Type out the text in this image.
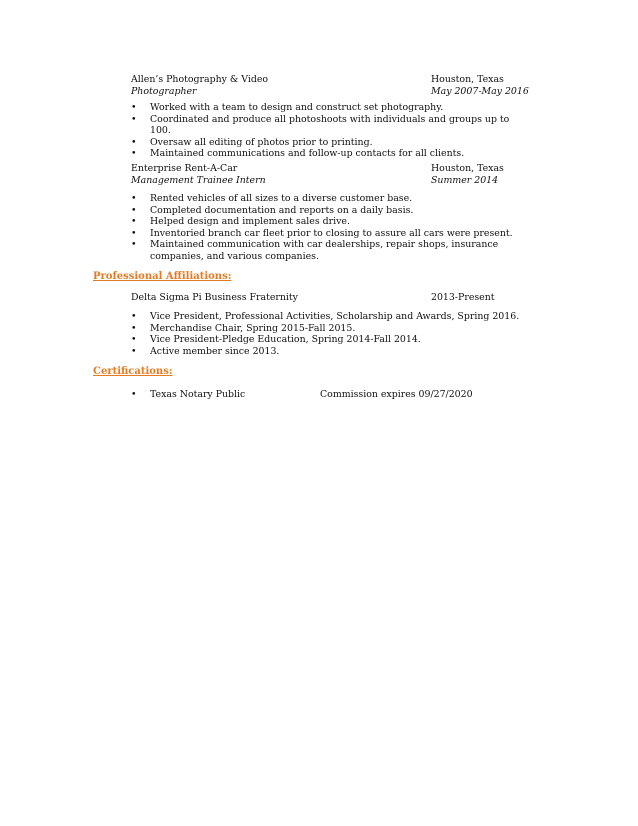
Allen’s Photography & Video	Houston, Texas
Photographer	May 2007-May 2016
• Worked with a team to design and construct set photography.
• Coordinated and produce all photoshoots with individuals and groups up to 100.
• Oversaw all editing of photos prior to printing.
• Maintained communications and follow-up contacts for all clients.
Enterprise Rent-A-Car	Houston, Texas
Management Trainee Intern	Summer 2014
• Rented vehicles of all sizes to a diverse customer base.
• Completed documentation and reports on a daily basis.
• Helped design and implement sales drive.
• Inventoried branch car fleet prior to closing to assure all cars were present.
• Maintained communication with car dealerships, repair shops, insurance companies, and various companies.
Professional Affiliations:
Delta Sigma Pi Business Fraternity	2013-Present
• Vice President, Professional Activities, Scholarship and Awards, Spring 2016.
• Merchandise Chair, Spring 2015-Fall 2015.
• Vice President-Pledge Education, Spring 2014-Fall 2014.
• Active member since 2013.
Certifications:
• Texas Notary Public	Commission expires 09/27/2020
